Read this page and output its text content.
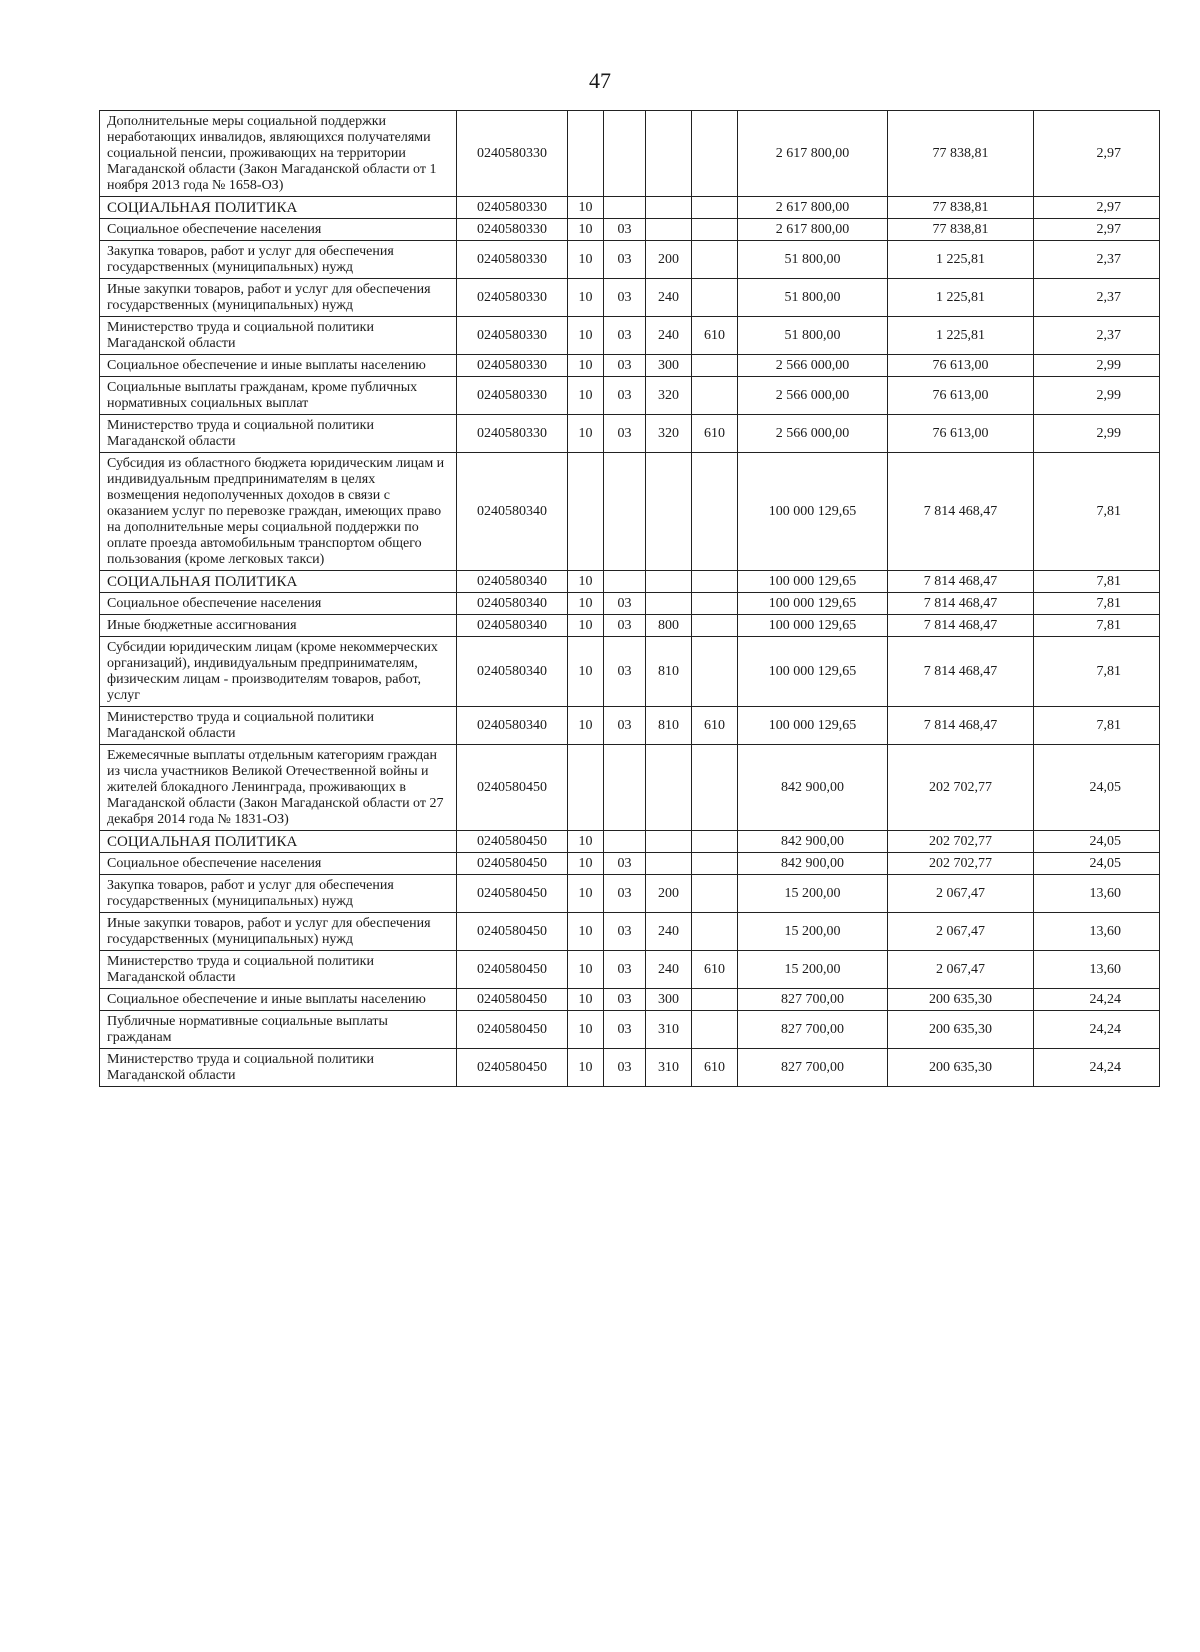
47
Дополнительные меры социальной поддержки неработающих инвалидов, являющихся получателями социальной пенсии, проживающих на территории Магаданской области (Закон Магаданской области от 1 ноября 2013 года № 1658-ОЗ)	0240580330					2 617 800,00	77 838,81	2,97
СОЦИАЛЬНАЯ ПОЛИТИКА	0240580330	10				2 617 800,00	77 838,81	2,97
Социальное обеспечение населения	0240580330	10	03			2 617 800,00	77 838,81	2,97
Закупка товаров, работ и услуг для обеспечения государственных (муниципальных) нужд	0240580330	10	03	200		51 800,00	1 225,81	2,37
Иные закупки товаров, работ и услуг для обеспечения государственных (муниципальных) нужд	0240580330	10	03	240		51 800,00	1 225,81	2,37
Министерство труда и социальной политики Магаданской области	0240580330	10	03	240	610	51 800,00	1 225,81	2,37
Социальное обеспечение и иные выплаты населению	0240580330	10	03	300		2 566 000,00	76 613,00	2,99
Социальные выплаты гражданам, кроме публичных нормативных социальных выплат	0240580330	10	03	320		2 566 000,00	76 613,00	2,99
Министерство труда и социальной политики Магаданской области	0240580330	10	03	320	610	2 566 000,00	76 613,00	2,99
Субсидия из областного бюджета юридическим лицам и индивидуальным предпринимателям в целях возмещения недополученных доходов в связи с оказанием услуг по перевозке граждан, имеющих право на дополнительные меры социальной поддержки по оплате проезда автомобильным транспортом общего пользования (кроме легковых такси)	0240580340					100 000 129,65	7 814 468,47	7,81
СОЦИАЛЬНАЯ ПОЛИТИКА	0240580340	10				100 000 129,65	7 814 468,47	7,81
Социальное обеспечение населения	0240580340	10	03			100 000 129,65	7 814 468,47	7,81
Иные бюджетные ассигнования	0240580340	10	03	800		100 000 129,65	7 814 468,47	7,81
Субсидии юридическим лицам (кроме некоммерческих организаций), индивидуальным предпринимателям, физическим лицам - производителям товаров, работ, услуг	0240580340	10	03	810		100 000 129,65	7 814 468,47	7,81
Министерство труда и социальной политики Магаданской области	0240580340	10	03	810	610	100 000 129,65	7 814 468,47	7,81
Ежемесячные выплаты отдельным категориям граждан из числа участников Великой Отечественной войны и жителей блокадного Ленинграда, проживающих в Магаданской области (Закон Магаданской области от 27 декабря 2014 года № 1831-ОЗ)	0240580450					842 900,00	202 702,77	24,05
СОЦИАЛЬНАЯ ПОЛИТИКА	0240580450	10				842 900,00	202 702,77	24,05
Социальное обеспечение населения	0240580450	10	03			842 900,00	202 702,77	24,05
Закупка товаров, работ и услуг для обеспечения государственных (муниципальных) нужд	0240580450	10	03	200		15 200,00	2 067,47	13,60
Иные закупки товаров, работ и услуг для обеспечения государственных (муниципальных) нужд	0240580450	10	03	240		15 200,00	2 067,47	13,60
Министерство труда и социальной политики Магаданской области	0240580450	10	03	240	610	15 200,00	2 067,47	13,60
Социальное обеспечение и иные выплаты населению	0240580450	10	03	300		827 700,00	200 635,30	24,24
Публичные нормативные социальные выплаты гражданам	0240580450	10	03	310		827 700,00	200 635,30	24,24
Министерство труда и социальной политики Магаданской области	0240580450	10	03	310	610	827 700,00	200 635,30	24,24
